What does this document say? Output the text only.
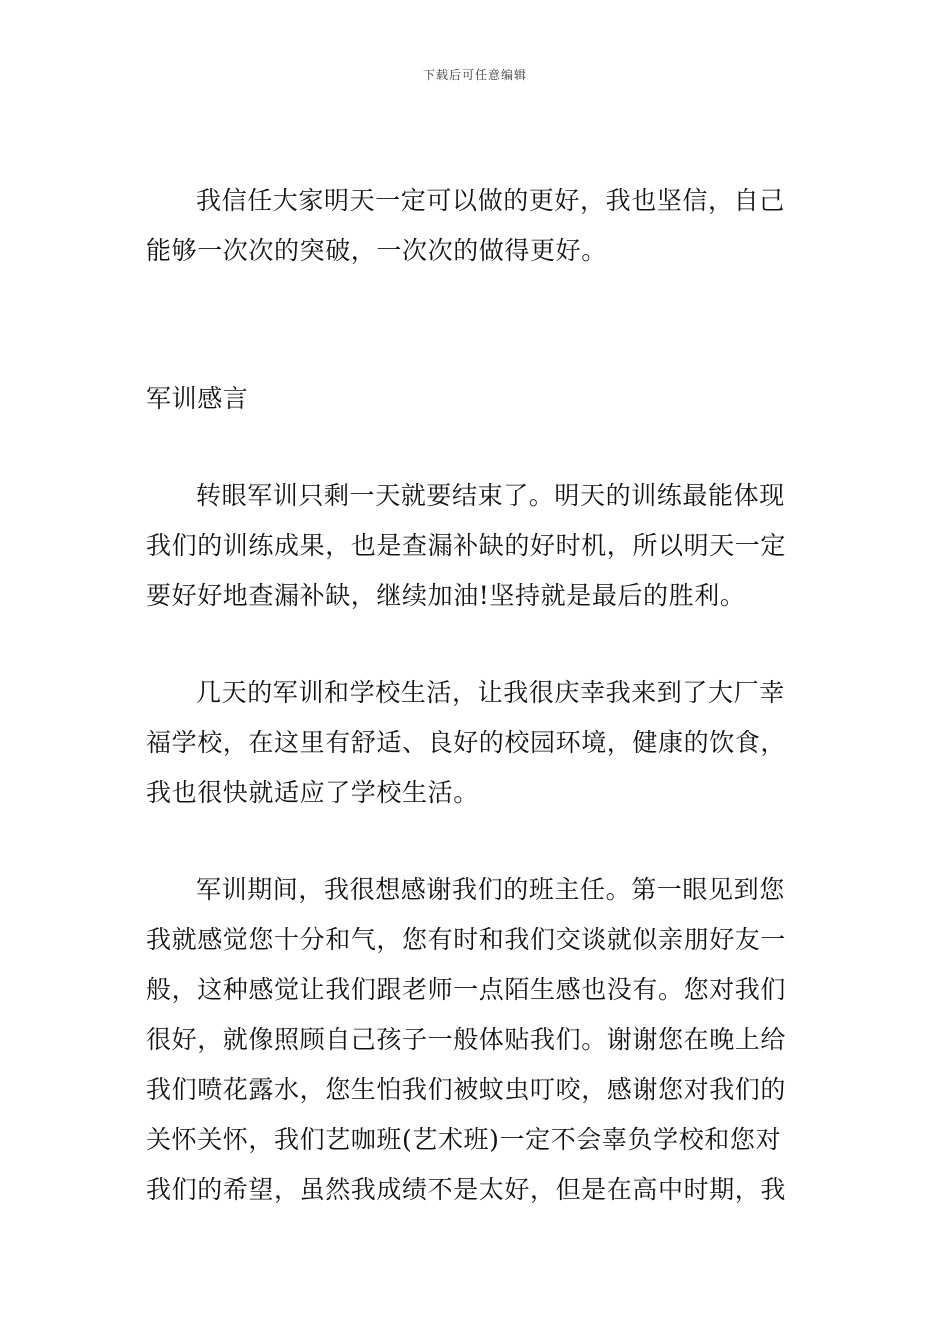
下载后可任意编辑
我信任大家明天一定可以做的更好，我也坚信，自己
能够一次次的突破，一次次的做得更好。
军训感言
转眼军训只剩一天就要结束了。明天的训练最能体现
我们的训练成果，也是查漏补缺的好时机，所以明天一定
要好好地查漏补缺，继续加油!坚持就是最后的胜利。
几天的军训和学校生活，让我很庆幸我来到了大厂幸
福学校，在这里有舒适、良好的校园环境，健康的饮食，
我也很快就适应了学校生活。
军训期间，我很想感谢我们的班主任。第一眼见到您
我就感觉您十分和气，您有时和我们交谈就似亲朋好友一
般，这种感觉让我们跟老师一点陌生感也没有。您对我们
很好，就像照顾自己孩子一般体贴我们。谢谢您在晚上给
我们喷花露水，您生怕我们被蚊虫叮咬，感谢您对我们的
关怀关怀，我们艺咖班(艺术班)一定不会辜负学校和您对
我们的希望，虽然我成绩不是太好，但是在高中时期，我
